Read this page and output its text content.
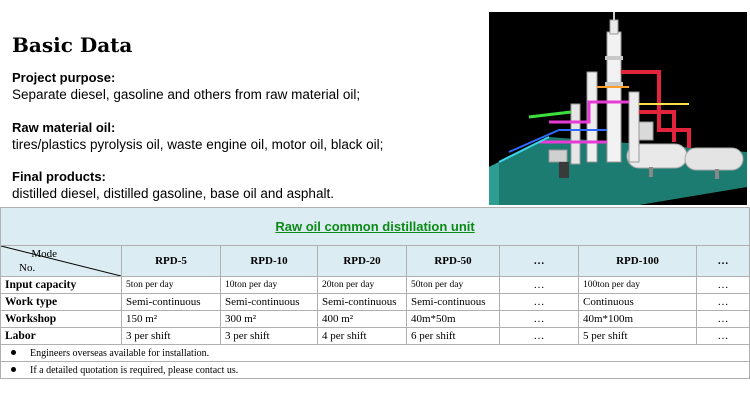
Basic Data
Project purpose:
Separate diesel, gasoline and others from raw material oil;
Raw material oil:
tires/plastics pyrolysis oil, waste engine oil, motor oil, black oil;
Final products:
distilled diesel, distilled gasoline, base oil and asphalt.
Raw oil common distillation unit							

Mode
No.	RPD-5	RPD-10	RPD-20	RPD-50	…	RPD-100	…
Input capacity	5ton per day	10ton per day	20ton per day	50ton per day	…	100ton per day	…
Work type	Semi-continuous	Semi-continuous	Semi-continuous	Semi-continuous	…	Continuous	…
Workshop	150 m²	300 m²	400 m²	40m*50m	…	40m*100m	…
Labor	3 per shift	3 per shift	4 per shift	6 per shift	…	5 per shift	…
Engineers overseas available for installation.							
If a detailed quotation is required, please contact us.							
